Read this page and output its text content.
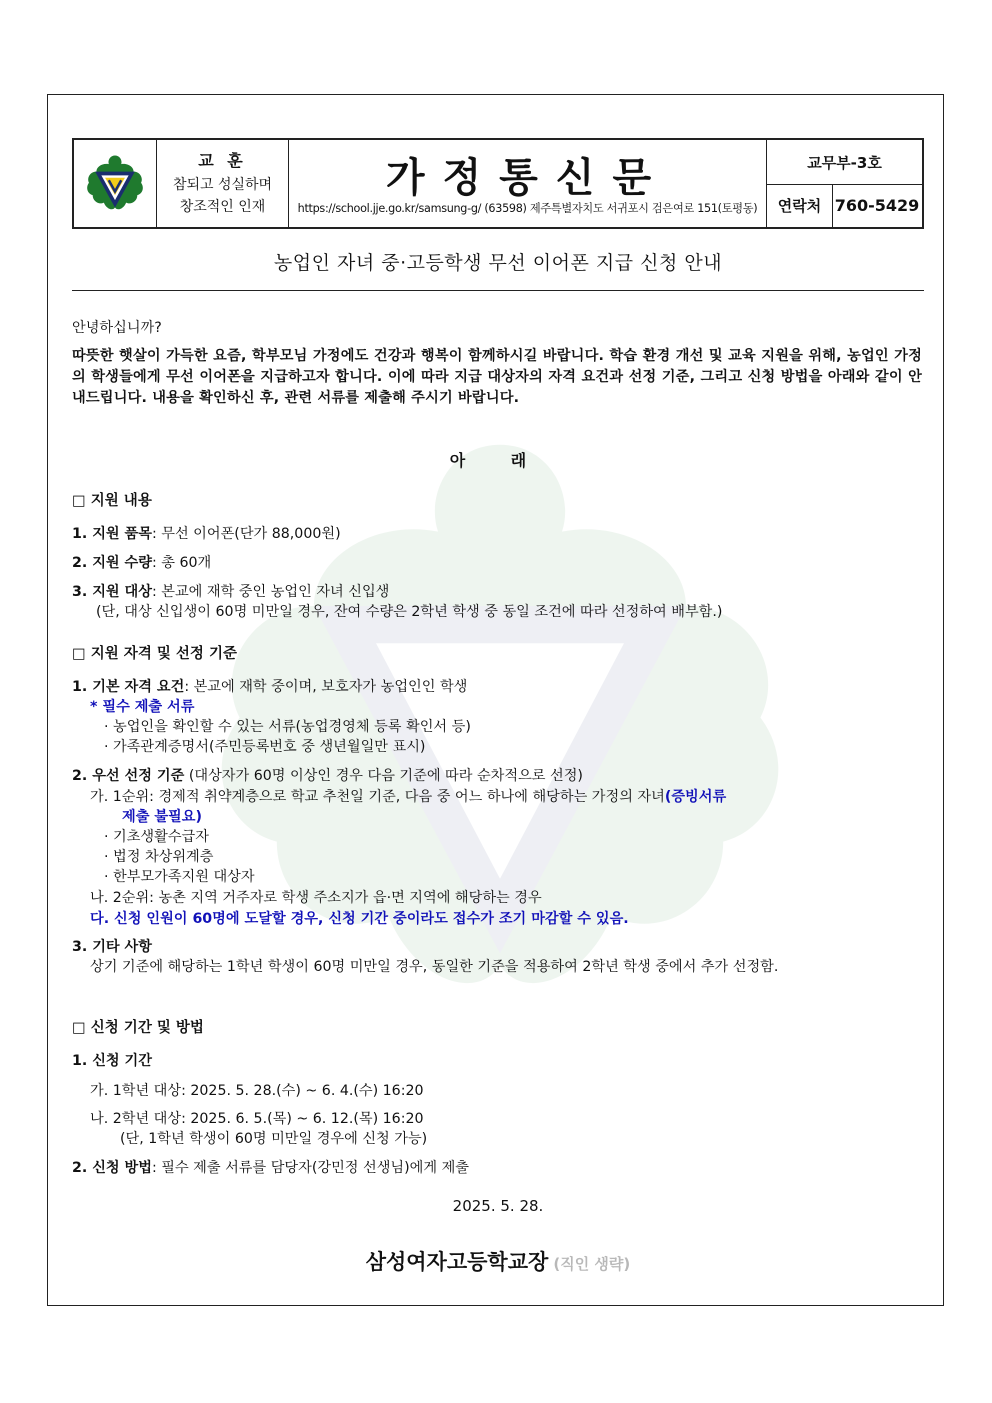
교 훈
참되고 성실하며
창조적인 인재
가정통신문
https://school.jje.go.kr/samsung-g/ (63598) 제주특별자치도 서귀포시 검은여로 151(토평동)
교무부-3호
연락처 760-5429
농업인 자녀 중·고등학생 무선 이어폰 지급 신청 안내
안녕하십니까?
따뜻한 햇살이 가득한 요즘, 학부모님 가정에도 건강과 행복이 함께하시길 바랍니다. 학습 환경 개선 및 교육 지원을 위해, 농업인 가정의 학생들에게 무선 이어폰을 지급하고자 합니다. 이에 따라 지급 대상자의 자격 요건과 선정 기준, 그리고 신청 방법을 아래와 같이 안내드립니다. 내용을 확인하신 후, 관련 서류를 제출해 주시기 바랍니다.
아 래
□ 지원 내용
1. 지원 품목: 무선 이어폰(단가 88,000원)
2. 지원 수량: 총 60개
3. 지원 대상: 본교에 재학 중인 농업인 자녀 신입생
(단, 대상 신입생이 60명 미만일 경우, 잔여 수량은 2학년 학생 중 동일 조건에 따라 선정하여 배부함.)
□ 지원 자격 및 선정 기준
1. 기본 자격 요건: 본교에 재학 중이며, 보호자가 농업인인 학생
* 필수 제출 서류
· 농업인을 확인할 수 있는 서류(농업경영체 등록 확인서 등)
· 가족관계증명서(주민등록번호 중 생년월일만 표시)
2. 우선 선정 기준 (대상자가 60명 이상인 경우 다음 기준에 따라 순차적으로 선정)
가. 1순위: 경제적 취약계층으로 학교 추천일 기준, 다음 중 어느 하나에 해당하는 가정의 자녀(증빙서류
제출 불필요)
· 기초생활수급자
· 법정 차상위계층
· 한부모가족지원 대상자
나. 2순위: 농촌 지역 거주자로 학생 주소지가 읍·면 지역에 해당하는 경우
다. 신청 인원이 60명에 도달할 경우, 신청 기간 중이라도 접수가 조기 마감할 수 있음.
3. 기타 사항
상기 기준에 해당하는 1학년 학생이 60명 미만일 경우, 동일한 기준을 적용하여 2학년 학생 중에서 추가 선정함.
□ 신청 기간 및 방법
1. 신청 기간
가. 1학년 대상: 2025. 5. 28.(수) ~ 6. 4.(수) 16:20
나. 2학년 대상: 2025. 6. 5.(목) ~ 6. 12.(목) 16:20
(단, 1학년 학생이 60명 미만일 경우에 신청 가능)
2. 신청 방법: 필수 제출 서류를 담당자(강민정 선생님)에게 제출
2025. 5. 28.
삼성여자고등학교장 (직인 생략)
